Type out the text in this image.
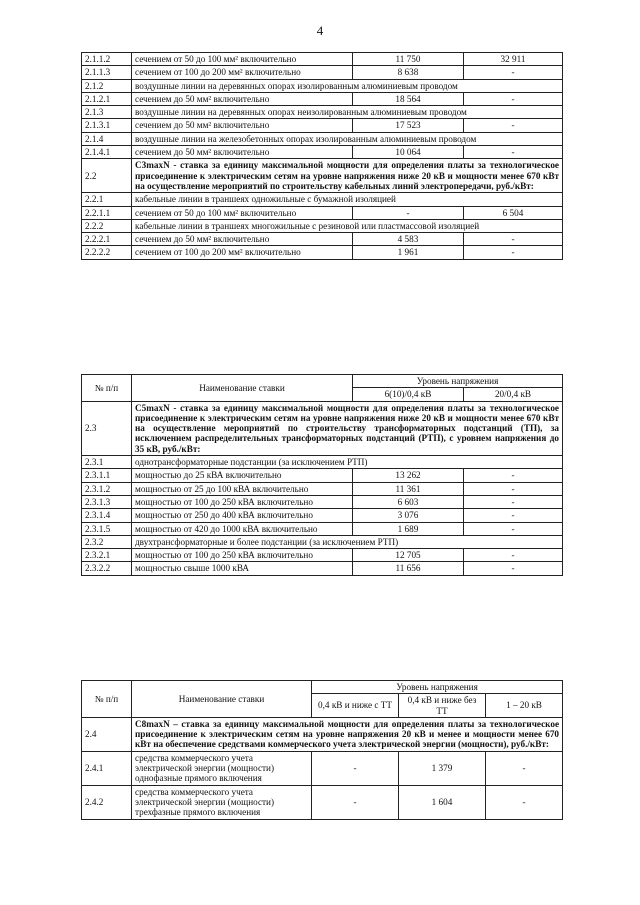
4
2.1.1.2	сечением от 50 до 100 мм² включительно	11 750	32 911
2.1.1.3	сечением от 100 до 200 мм² включительно	8 638	-
2.1.2	воздушные линии на деревянных опорах изолированным алюминиевым проводом		
2.1.2.1	сечением до 50 мм² включительно	18 564	-
2.1.3	воздушные линии на деревянных опорах неизолированным алюминиевым проводом		
2.1.3.1	сечением до 50 мм² включительно	17 523	-
2.1.4	воздушные линии на железобетонных опорах изолированным алюминиевым проводом		
2.1.4.1	сечением до 50 мм² включительно	10 064	-
2.2	C3maxN - ставка за единицу максимальной мощности для определения платы за технологическое присоединение к электрическим сетям на уровне напряжения ниже 20 кВ и мощности менее 670 кВт на осуществление мероприятий по строительству кабельных линий электропередачи, руб./кВт:		
2.2.1	кабельные линии в траншеях одножильные с бумажной изоляцией		
2.2.1.1	сечением от 50 до 100 мм² включительно	-	6 504
2.2.2	кабельные линии в траншеях многожильные с резиновой или пластмассовой изоляцией		
2.2.2.1	сечением до 50 мм² включительно	4 583	-
2.2.2.2	сечением от 100 до 200 мм² включительно	1 961	-
№ п/п	Наименование ставки	Уровень напряжения	
		6(10)/0,4 кВ	20/0,4 кВ
2.3	C5maxN - ставка за единицу максимальной мощности для определения платы за технологическое присоединение к электрическим сетям на уровне напряжения ниже 20 кВ и мощности менее 670 кВт на осуществление мероприятий по строительству трансформаторных подстанций (ТП), за исключением распределительных трансформаторных подстанций (РТП), с уровнем напряжения до 35 кВ, руб./кВт:		
2.3.1	однотрансформаторные подстанции (за исключением РТП)		
2.3.1.1	мощностью до 25 кВА включительно	13 262	-
2.3.1.2	мощностью от 25 до 100 кВА включительно	11 361	-
2.3.1.3	мощностью от 100 до 250 кВА включительно	6 603	-
2.3.1.4	мощностью от 250 до 400 кВА включительно	3 076	-
2.3.1.5	мощностью от 420 до 1000 кВА включительно	1 689	-
2.3.2	двухтрансформаторные и более подстанции (за исключением РТП)		
2.3.2.1	мощностью от 100 до 250 кВА включительно	12 705	-
2.3.2.2	мощностью свыше 1000 кВА	11 656	-
№ п/п	Наименование ставки	Уровень напряжения		
		0,4 кВ и ниже с ТТ	0,4 кВ и ниже без ТТ	1 – 20 кВ
2.4	C8maxN – ставка за единицу максимальной мощности для определения платы за технологическое присоединение к электрическим сетям на уровне напряжения 20 кВ и менее и мощности менее 670 кВт на обеспечение средствами коммерческого учета электрической энергии (мощности), руб./кВт:			
2.4.1	средства коммерческого учета электрической энергии (мощности) однофазные прямого включения	-	1 379	-
2.4.2	средства коммерческого учета электрической энергии (мощности) трехфазные прямого включения	-	1 604	-
